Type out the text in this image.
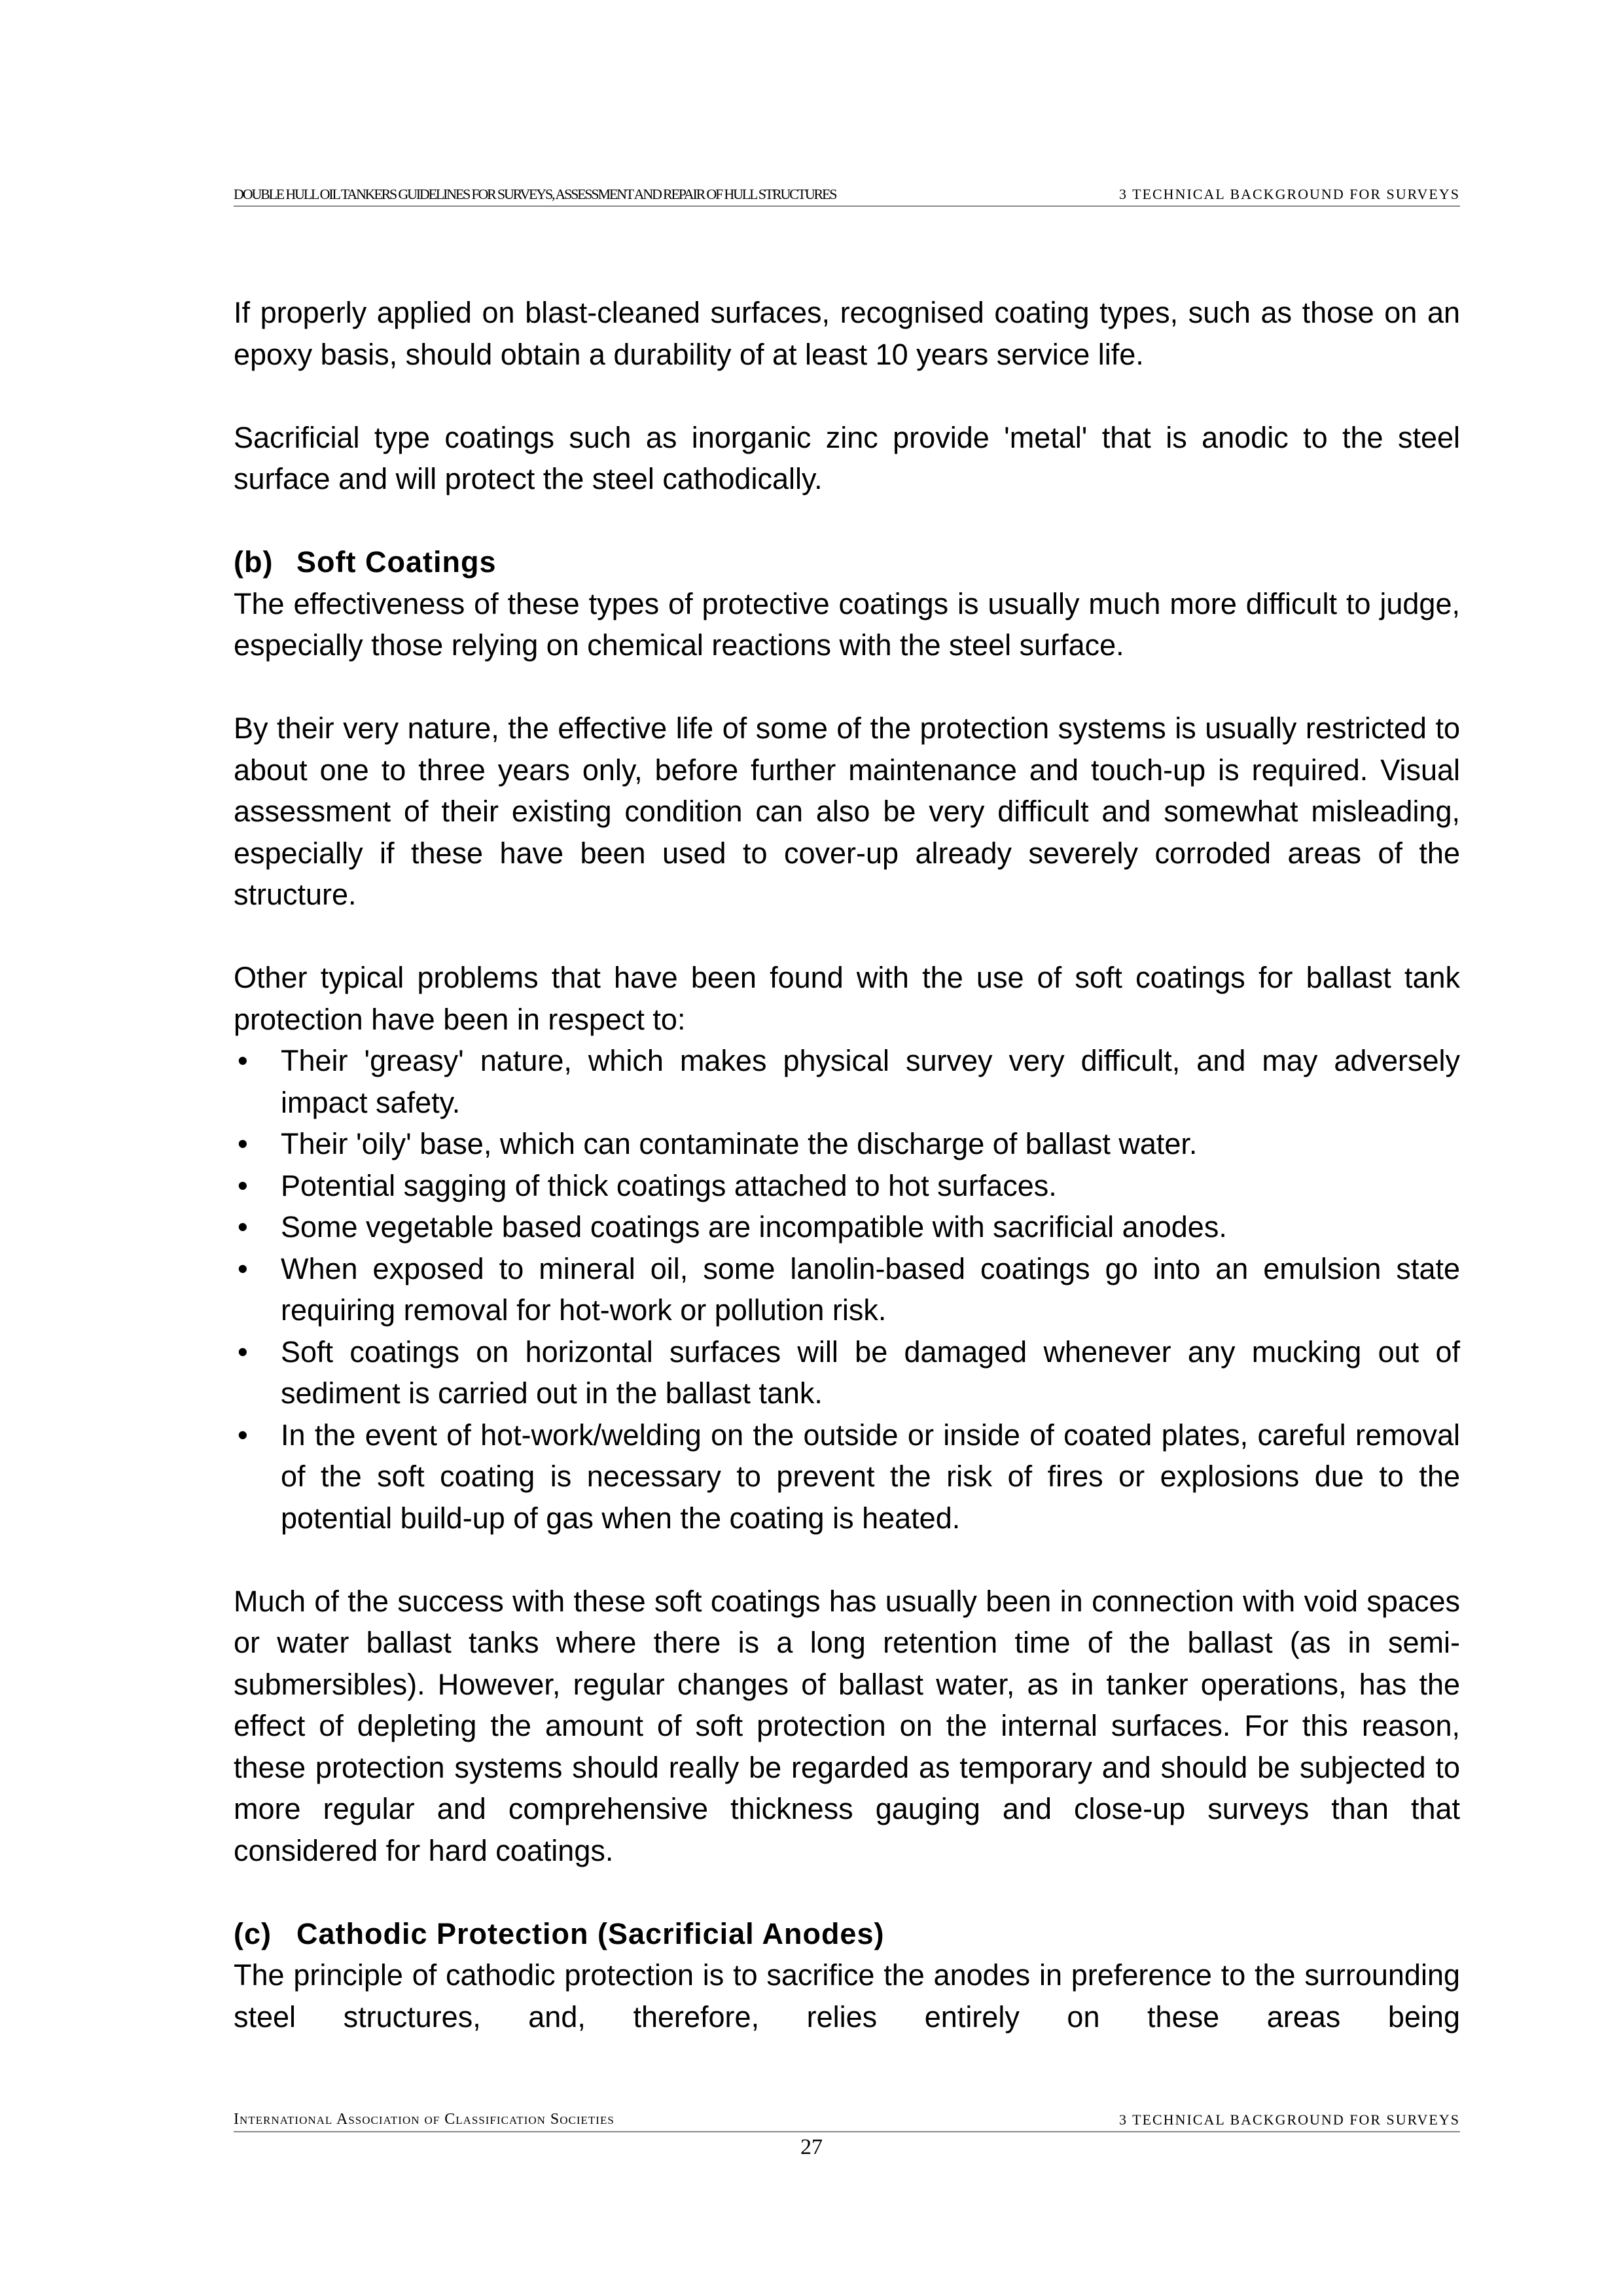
DOUBLE HULL OIL TANKERS GUIDELINES FOR SURVEYS, ASSESSMENT AND REPAIR OF HULL STRUCTURES	3 TECHNICAL BACKGROUND FOR SURVEYS

If properly applied on blast-cleaned surfaces, recognised coating types, such as those on an epoxy basis, should obtain a durability of at least 10 years service life.

Sacrificial type coatings such as inorganic zinc provide 'metal' that is anodic to the steel surface and will protect the steel cathodically.

(b) Soft Coatings

The effectiveness of these types of protective coatings is usually much more difficult to judge, especially those relying on chemical reactions with the steel surface.

By their very nature, the effective life of some of the protection systems is usually restricted to about one to three years only, before further maintenance and touch-up is required. Visual assessment of their existing condition can also be very difficult and somewhat misleading, especially if these have been used to cover-up already severely corroded areas of the structure.

Other typical problems that have been found with the use of soft coatings for ballast tank protection have been in respect to:

• Their 'greasy' nature, which makes physical survey very difficult, and may adversely impact safety.
• Their 'oily' base, which can contaminate the discharge of ballast water.
• Potential sagging of thick coatings attached to hot surfaces.
• Some vegetable based coatings are incompatible with sacrificial anodes.
• When exposed to mineral oil, some lanolin-based coatings go into an emulsion state requiring removal for hot-work or pollution risk.
• Soft coatings on horizontal surfaces will be damaged whenever any mucking out of sediment is carried out in the ballast tank.
• In the event of hot-work/welding on the outside or inside of coated plates, careful removal of the soft coating is necessary to prevent the risk of fires or explosions due to the potential build-up of gas when the coating is heated.

Much of the success with these soft coatings has usually been in connection with void spaces or water ballast tanks where there is a long retention time of the ballast (as in semi-submersibles). However, regular changes of ballast water, as in tanker operations, has the effect of depleting the amount of soft protection on the internal surfaces. For this reason, these protection systems should really be regarded as temporary and should be subjected to more regular and comprehensive thickness gauging and close-up surveys than that considered for hard coatings.

(c) Cathodic Protection (Sacrificial Anodes)

The principle of cathodic protection is to sacrifice the anodes in preference to the surrounding steel structures, and, therefore, relies entirely on these areas being

International Association of Classification Societies	3 TECHNICAL BACKGROUND FOR SURVEYS
27
